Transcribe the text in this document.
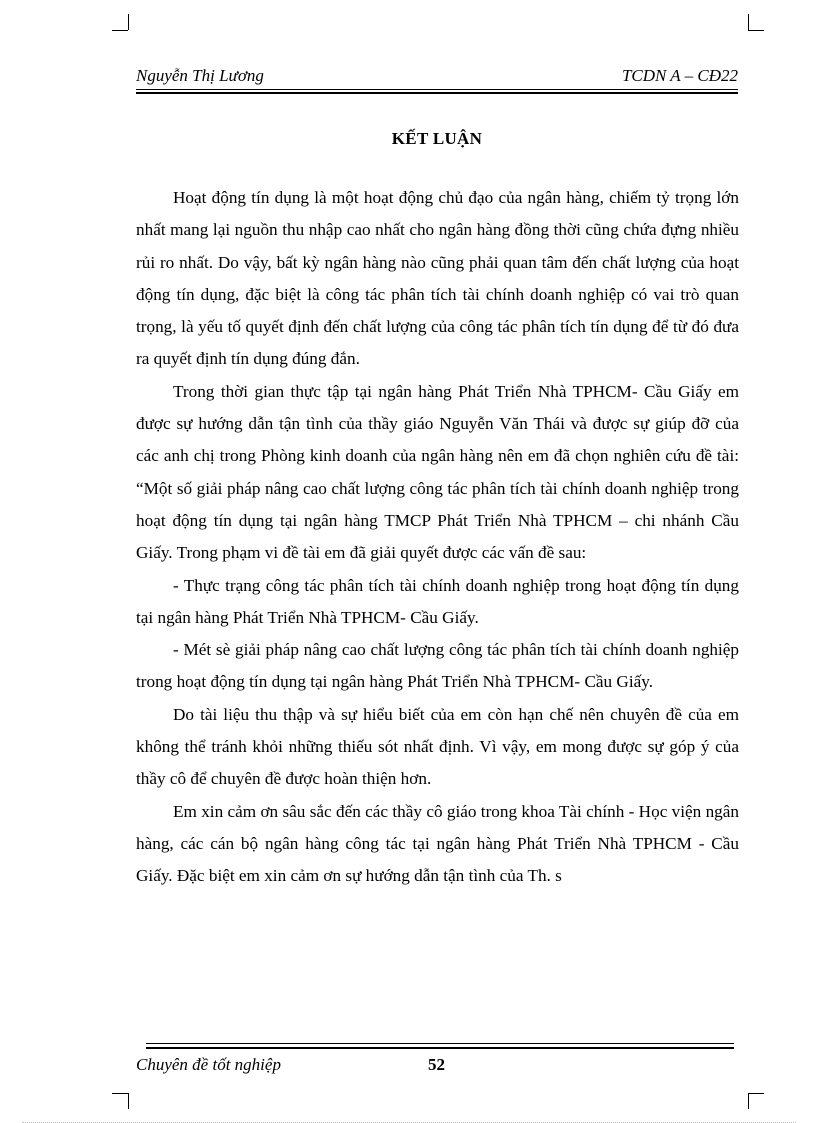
Nguyễn Thị Lương	TCDN A – CĐ22
KẾT LUẬN

Hoạt động tín dụng là một hoạt động chủ đạo của ngân hàng, chiếm tỷ trọng lớn nhất mang lại nguồn thu nhập cao nhất cho ngân hàng đồng thời cũng chứa đựng nhiều rủi ro nhất. Do vậy, bất kỳ ngân hàng nào cũng phải quan tâm đến chất lượng của hoạt động tín dụng, đặc biệt là công tác phân tích tài chính doanh nghiệp có vai trò quan trọng, là yếu tố quyết định đến chất lượng của công tác phân tích tín dụng để từ đó đưa ra quyết định tín dụng đúng đắn.

Trong thời gian thực tập tại ngân hàng Phát Triển Nhà TPHCM- Cầu Giấy em được sự hướng dẫn tận tình của thầy giáo Nguyễn Văn Thái và được sự giúp đỡ của các anh chị trong Phòng kinh doanh của ngân hàng nên em đã chọn nghiên cứu đề tài: “Một số giải pháp nâng cao chất lượng công tác phân tích tài chính doanh nghiệp trong hoạt động tín dụng tại ngân hàng TMCP Phát Triển Nhà TPHCM – chi nhánh Cầu Giấy. Trong phạm vi đề tài em đã giải quyết được các vấn đề sau:

- Thực trạng công tác phân tích tài chính doanh nghiệp trong hoạt động tín dụng tại ngân hàng Phát Triển Nhà TPHCM- Cầu Giấy.

- Mét sè giải pháp nâng cao chất lượng công tác phân tích tài chính doanh nghiệp trong hoạt động tín dụng tại ngân hàng Phát Triển Nhà TPHCM- Cầu Giấy.

Do tài liệu thu thập và sự hiểu biết của em còn hạn chế nên chuyên đề của em không thể tránh khỏi những thiếu sót nhất định. Vì vậy, em mong được sự góp ý của thầy cô để chuyên đề được hoàn thiện hơn.

Em xin cảm ơn sâu sắc đến các thầy cô giáo trong khoa Tài chính - Học viện ngân hàng, các cán bộ ngân hàng công tác tại ngân hàng Phát Triển Nhà TPHCM - Cầu Giấy. Đặc biệt em xin cảm ơn sự hướng dẫn tận tình của Th. s

Chuyên đề tốt nghiệp	52
